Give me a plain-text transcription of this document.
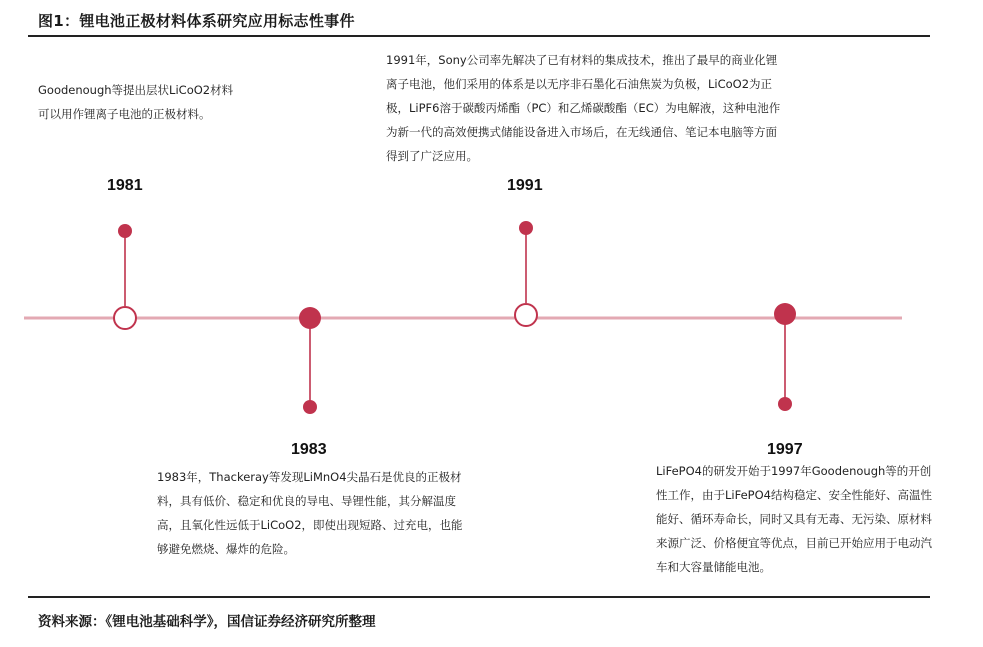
图1：锂电池正极材料体系研究应用标志性事件
Goodenough等提出层状LiCoO2材料
可以用作锂离子电池的正极材料。
1981
1991年，Sony公司率先解决了已有材料的集成技术，推出了最早的商业化锂
离子电池，他们采用的体系是以无序非石墨化石油焦炭为负极，LiCoO2为正
极，LiPF6溶于碳酸丙烯酯（PC）和乙烯碳酸酯（EC）为电解液，这种电池作
为新一代的高效便携式储能设备进入市场后，在无线通信、笔记本电脑等方面
得到了广泛应用。
1991
1983
1983年，Thackeray等发现LiMnO4尖晶石是优良的正极材
料，具有低价、稳定和优良的导电、导锂性能，其分解温度
高，且氧化性远低于LiCoO2，即使出现短路、过充电，也能
够避免燃烧、爆炸的危险。
1997
LiFePO4的研发开始于1997年Goodenough等的开创
性工作，由于LiFePO4结构稳定、安全性能好、高温性
能好、循环寿命长，同时又具有无毒、无污染、原材料
来源广泛、价格便宜等优点，目前已开始应用于电动汽
车和大容量储能电池。
资料来源：《锂电池基础科学》，国信证券经济研究所整理
